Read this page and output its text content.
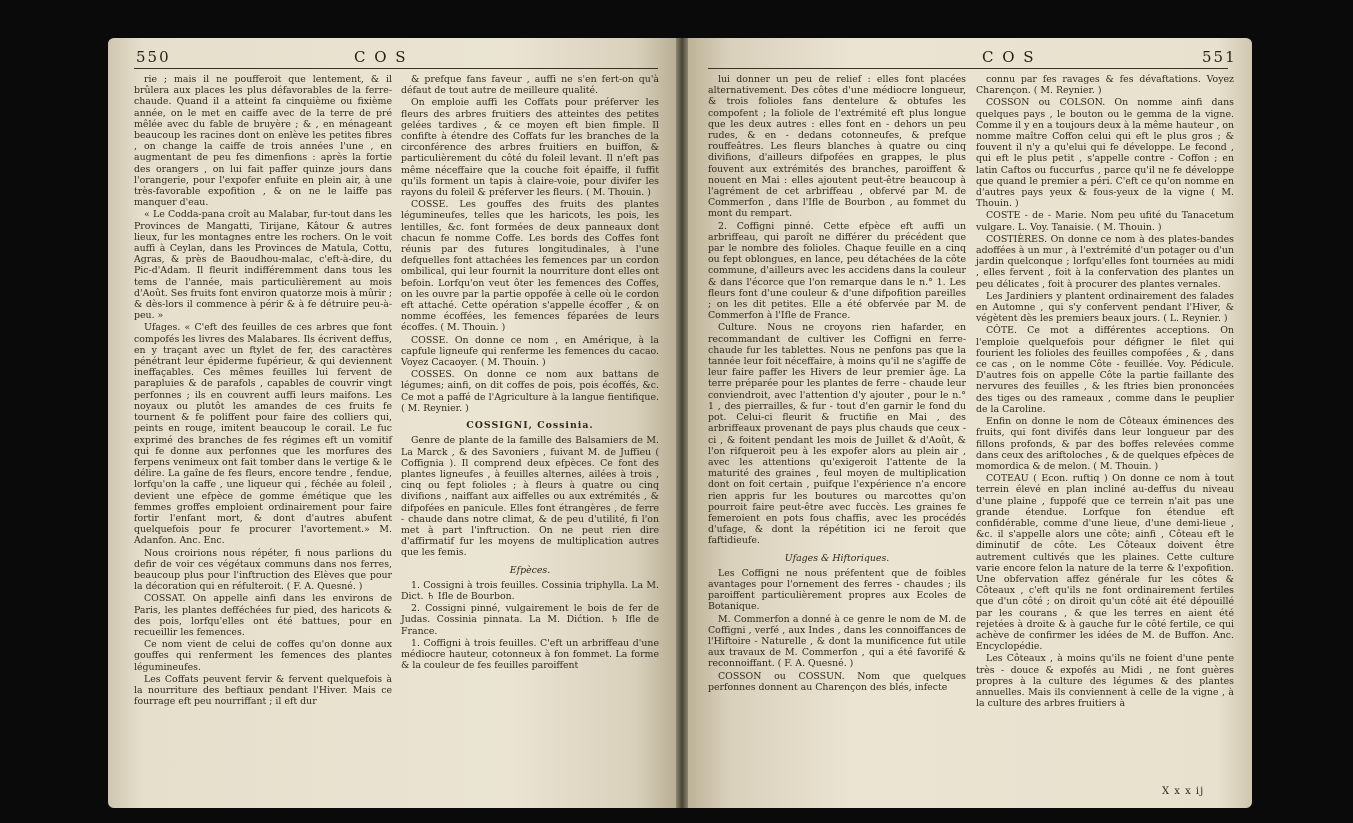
550	C O S

rie ; mais il ne poufferoit que lentement, & il brûlera aux places les plus défavorables de la ferre-chaude. Quand il a atteint fa cinquième ou fixième année, on le met en caiffe avec de la terre de pré mêlée avec du fable de bruyère ; & , en ménageant beaucoup les racines dont on enlève les petites fibres , on change la caiffe de trois années l'une , en augmentant de peu fes dimenfions : après la fortie des orangers , on lui fait paffer quinze jours dans l'orangerie, pour l'expofer enfuite en plein air, à une très-favorable expofition , & on ne le laiffe pas manquer d'eau.

« Le Codda-pana croît au Malabar, fur-tout dans les Provinces de Mangatti, Tirijane, Kâtour & autres lieux, fur les montagnes entre les rochers. On le voit auffi à Ceylan, dans les Provinces de Matula, Cottu, Agras, & près de Baoudhou-malac, c'eft-à-dire, du Pic-d'Adam. Il fleurit indifféremment dans tous les tems de l'année, mais particulièrement au mois d'Août. Ses fruits font environ quatorze mois à mûrir ; & dès-lors il commence à périr & à fe détruire peu-à-peu. »

Ufages. « C'eft des feuilles de ces arbres que font compofés les livres des Malabares. Ils écrivent deffus, en y traçant avec un ftylet de fer, des caractères pénétrant leur épiderme fupérieur, & qui deviennent ineffaçables. Ces mêmes feuilles lui fervent de parapluies & de parafols , capables de couvrir vingt perfonnes ; ils en couvrent auffi leurs maifons. Les noyaux ou plutôt les amandes de ces fruits fe tournent & fe poliffent pour faire des colliers qui, peints en rouge, imitent beaucoup le corail. Le fuc exprimé des branches de fes régimes eft un vomitif qui fe donne aux perfonnes que les morfures des ferpens venimeux ont fait tomber dans le vertige & le délire. La gaîne de fes fleurs, encore tendre , fendue, lorfqu'on la caffe , une liqueur qui , féchée au foleil , devient une efpèce de gomme émétique que les femmes groffes emploient ordinairement pour faire fortir l'enfant mort, & dont d'autres abufent quelquefois pour fe procurer l'avortement.» M. Adanfon. Anc. Enc.

Nous croirions nous répéter, fi nous parlions du defir de voir ces végétaux communs dans nos ferres, beaucoup plus pour l'inftruction des Elèves que pour la décoration qui en réfulteroit. ( F. A. Quesné. )

COSSAT. On appelle ainfi dans les environs de Paris, les plantes defféchées fur pied, des haricots & des pois, lorfqu'elles ont été battues, pour en recueillir les femences.

Ce nom vient de celui de coffes qu'on donne aux gouffes qui renferment les femences des plantes légumineufes.

Les Coffats peuvent fervir & fervent quelquefois à la nourriture des beftiaux pendant l'Hiver. Mais ce fourrage eft peu nourriffant ; il eft dur

& prefque fans faveur , auffi ne s'en fert-on qu'à défaut de tout autre de meilleure qualité.

On emploie auffi les Coffats pour préferver les fleurs des arbres fruitiers des atteintes des petites gelées tardives , & ce moyen eft bien fimple. Il confifte à étendre des Coffats fur les branches de la circonférence des arbres fruitiers en buiffon, & particulièrement du côté du foleil levant. Il n'eft pas même néceffaire que la couche foit épaiffe, il fuffit qu'ils forment un tapis à claire-voie, pour divifer les rayons du foleil & préferver les fleurs. ( M. Thouin. )

COSSE. Les gouffes des fruits des plantes légumineufes, telles que les haricots, les pois, les lentilles, &c. font formées de deux panneaux dont chacun fe nomme Coffe. Les bords des Coffes font réunis par des futures longitudinales, à l'une defquelles font attachées les femences par un cordon ombilical, qui leur fournit la nourriture dont elles ont befoin. Lorfqu'on veut ôter les femences des Coffes, on les ouvre par la partie oppofée à celle où le cordon eft attaché. Cette opération s'appelle écoffer , & on nomme écoffées, les femences féparées de leurs écoffes. ( M. Thouin. )

COSSE. On donne ce nom , en Amérique, à la capfule ligneufe qui renferme les femences du cacao. Voyez Cacaoyer. ( M. Thouin. )

COSSES. On donne ce nom aux battans de légumes; ainfi, on dit coffes de pois, pois écoffés, &c. Ce mot a paffé de l'Agriculture à la langue fientifique. ( M. Reynier. )

COSSIGNI, Cossinia.

Genre de plante de la famille des Balsamiers de M. La Marck , & des Savoniers , fuivant M. de Juffieu ( Coffignia ). Il comprend deux efpèces. Ce font des plantes ligneufes , à feuilles alternes, ailées à trois , cinq ou fept folioles ; à fleurs à quatre ou cinq divifions , naiffant aux aiffelles ou aux extrémités , & difpofées en panicule. Elles font étrangères , de ferre - chaude dans notre climat, & de peu d'utilité, fi l'on met à part l'inftruction. On ne peut rien dire d'affirmatif fur les moyens de multiplication autres que les femis.

Efpèces.

1. Cossigni à trois feuilles. Cossinia triphylla. La M. Dict. ♄ Ifle de Bourbon.

2. Cossigni pinné, vulgairement le bois de fer de Judas. Cossinia pinnata. La M. Dićtion. ♄ Ifle de France.

1. Coffigni à trois feuilles. C'eft un arbriffeau d'une médiocre hauteur, cotonneux à fon fommet. La forme & la couleur de fes feuilles paroiffent

C O S	551

lui donner un peu de relief : elles font placées alternativement. Des côtes d'une médiocre longueur, & trois folioles fans dentelure & obtufes les compofent ; la foliole de l'extrémité eft plus longue que les deux autres : elles font en - dehors un peu rudes, & en - dedans cotonneufes, & prefque rouffeâtres. Les fleurs blanches à quatre ou cinq divifions, d'ailleurs difpofées en grappes, le plus fouvent aux extrémités des branches, paroiffent & nouent en Mai : elles ajoutent peut-être beaucoup à l'agrément de cet arbriffeau , obfervé par M. de Commerfon , dans l'Ifle de Bourbon , au fommet du mont du rempart.

2. Coffigni pinné. Cette efpèce eft auffi un arbriffeau, qui paroît ne différer du précédent que par le nombre des folioles. Chaque feuille en a cinq ou fept oblongues, en lance, peu détachées de la côte commune, d'ailleurs avec les accidens dans la couleur & dans l'écorce que l'on remarque dans le n.° 1. Les fleurs font d'une couleur & d'une difpofition pareilles ; on les dit petites. Elle a été obfervée par M. de Commerfon à l'Ifle de France.

Culture. Nous ne croyons rien hafarder, en recommandant de cultiver les Coffigni en ferre-chaude fur les tablettes. Nous ne penfons pas que la tannée leur foit néceffaire, à moins qu'il ne s'agiffe de leur faire paffer les Hivers de leur premier âge. La terre préparée pour les plantes de ferre - chaude leur conviendroit, avec l'attention d'y ajouter , pour le n.° 1 , des pierrailles, & fur - tout d'en garnir le fond du pot. Celui-ci fleurit & fructifie en Mai , des arbriffeaux provenant de pays plus chauds que ceux - ci , & foitent pendant les mois de Juillet & d'Août, & l'on rifqueroit peu à les expofer alors au plein air , avec les attentions qu'exigeroit l'attente de la maturité des graines , feul moyen de multiplication dont on foit certain , puifque l'expérience n'a encore rien appris fur les boutures ou marcottes qu'on pourroit faire peut-être avec fuccès. Les graines fe femeroient en pots fous chaffis, avec les procédés d'ufage, & dont la répétition ici ne feroit que faftidieufe.

Ufages & Hiftoriques.

Les Coffigni ne nous préfentent que de foibles avantages pour l'ornement des ferres - chaudes ; ils paroiffent particulièrement propres aux Ecoles de Botanique.

M. Commerfon a donné à ce genre le nom de M. de Coffigni , verfé , aux Indes , dans les connoiffances de l'Hiftoire - Naturelle , & dont la munificence fut utile aux travaux de M. Commerfon , qui a été favorifé & reconnoiffant. ( F. A. Quesné. )

COSSON ou COSSUN. Nom que quelques perfonnes donnent au Charençon des blés, infecte

connu par fes ravages & fes dévaftations. Voyez Charençon. ( M. Reynier. )

COSSON ou COLSON. On nomme ainfi dans quelques pays , le bouton ou le gemma de la vigne. Comme il y en a toujours deux à la même hauteur , on nomme maître Coffon celui qui eft le plus gros ; & fouvent il n'y a qu'elui qui fe développe. Le fecond , qui eft le plus petit , s'appelle contre - Coffon ; en latin Caftos ou fuccurfus , parce qu'il ne fe développe que quand le premier a péri. C'eft ce qu'on nomme en d'autres pays yeux & fous-yeux de la vigne ( M. Thouin. )

COSTE - de - Marie. Nom peu ufité du Tanacetum vulgare. L. Voy. Tanaisie. ( M. Thouin. )

COSTIÈRES. On donne ce nom à des plates-bandes adoffées à un mur , à l'extrémité d'un potager ou d'un jardin quelconque ; lorfqu'elles font tournées au midi , elles fervent , foit à la confervation des plantes un peu délicates , foit à procurer des plantes vernales.

Les Jardiniers y plantent ordinairement des falades en Automne , qui s'y confervent pendant l'Hiver, & végètent dès les premiers beaux jours. ( L. Reynier. )

CÔTE. Ce mot a différentes acceptions. On l'emploie quelquefois pour défigner le filet qui fourient les folioles des feuilles compofées , & , dans ce cas , on le nomme Côte - feuillée. Voy. Pédicule. D'autres fois on appelle Côte la partie faillante des nervures des feuilles , & les ftries bien prononcées des tiges ou des rameaux , comme dans le peuplier de la Caroline.

Enfin on donne le nom de Côteaux éminences des fruits, qui font divifés dans leur longueur par des fillons profonds, & par des boffes relevées comme dans ceux des ariftoloches , & de quelques efpèces de momordica & de melon. ( M. Thouin. )

COTEAU ( Econ. ruftiq ) On donne ce nom à tout terrein élevé en plan incliné au-deffus du niveau d'une plaine , fuppofé que ce terrein n'ait pas une grande étendue. Lorfque fon étendue eft confidérable, comme d'une lieue, d'une demi-lieue , &c. il s'appelle alors une côte; ainfi , Côteau eft le diminutif de côte. Les Côteaux doivent être autrement cultivés que les plaines. Cette culture varie encore felon la nature de la terre & l'expofition. Une obfervation affez générale fur les côtes & Côteaux , c'eft qu'ils ne font ordinairement fertiles que d'un côté ; on diroit qu'un côté ait été dépouillé par les courans , & que les terres en aient été rejetées à droite & à gauche fur le côté fertile, ce qui achève de confirmer les idées de M. de Buffon. Anc. Encyclopédie.

Les Côteaux , à moins qu'ils ne foient d'une pente très - douce & expofés au Midi , ne font guères propres à la culture des légumes & des plantes annuelles. Mais ils conviennent à celle de la vigne , à la culture des arbres fruitiers à

X x x ij
